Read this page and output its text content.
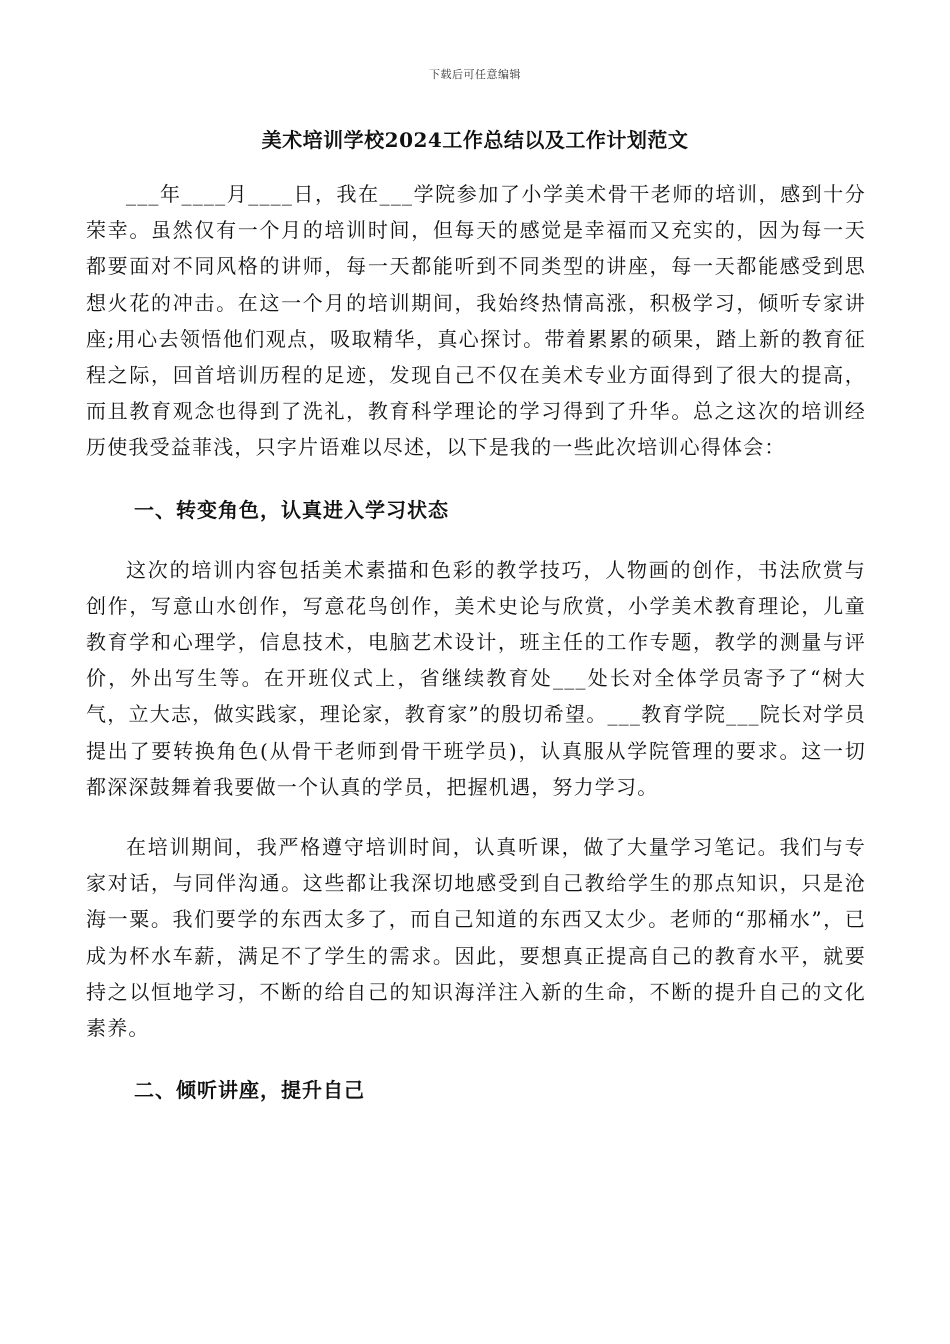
下载后可任意编辑
美术培训学校2024工作总结以及工作计划范文

___年____月____日，我在___学院参加了小学美术骨干老师的培训，感到十分荣幸。虽然仅有一个月的培训时间，但每天的感觉是幸福而又充实的，因为每一天都要面对不同风格的讲师，每一天都能听到不同类型的讲座，每一天都能感受到思想火花的冲击。在这一个月的培训期间，我始终热情高涨，积极学习，倾听专家讲座;用心去领悟他们观点，吸取精华，真心探讨。带着累累的硕果，踏上新的教育征程之际，回首培训历程的足迹，发现自己不仅在美术专业方面得到了很大的提高，而且教育观念也得到了洗礼，教育科学理论的学习得到了升华。总之这次的培训经历使我受益菲浅，只字片语难以尽述，以下是我的一些此次培训心得体会：

一、转变角色，认真进入学习状态

这次的培训内容包括美术素描和色彩的教学技巧，人物画的创作，书法欣赏与创作，写意山水创作，写意花鸟创作，美术史论与欣赏，小学美术教育理论，儿童教育学和心理学，信息技术，电脑艺术设计，班主任的工作专题，教学的测量与评价，外出写生等。在开班仪式上，省继续教育处___处长对全体学员寄予了“树大气，立大志，做实践家，理论家，教育家”的殷切希望。___教育学院___院长对学员提出了要转换角色(从骨干老师到骨干班学员)，认真服从学院管理的要求。这一切都深深鼓舞着我要做一个认真的学员，把握机遇，努力学习。

在培训期间，我严格遵守培训时间，认真听课，做了大量学习笔记。我们与专家对话，与同伴沟通。这些都让我深切地感受到自己教给学生的那点知识，只是沧海一粟。我们要学的东西太多了，而自己知道的东西又太少。老师的“那桶水”，已成为杯水车薪，满足不了学生的需求。因此，要想真正提高自己的教育水平，就要持之以恒地学习，不断的给自己的知识海洋注入新的生命，不断的提升自己的文化素养。

二、倾听讲座，提升自己
